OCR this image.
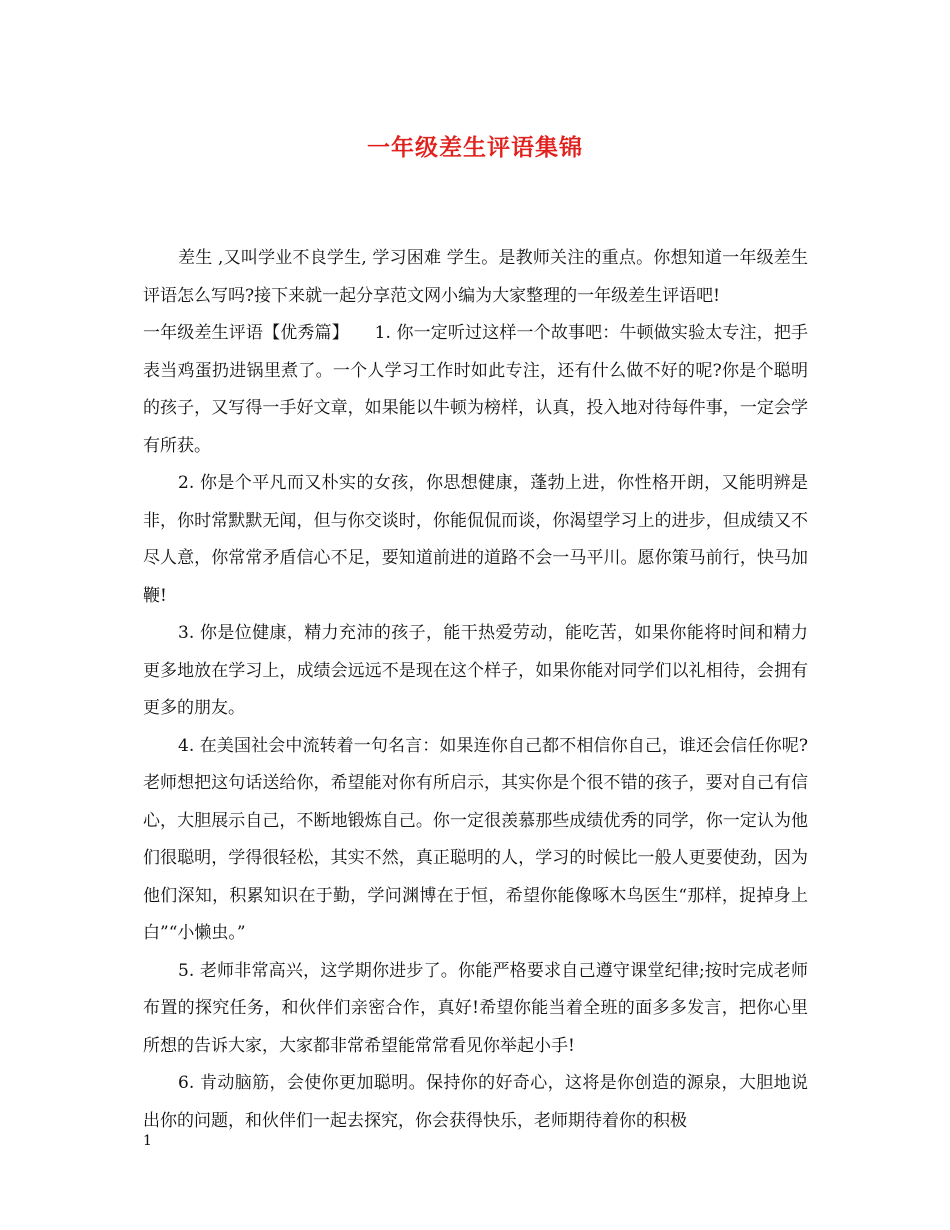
一年级差生评语集锦

差生 ,又叫学业不良学生, 学习困难 学生。是教师关注的重点。你想知道一年级差生评语怎么写吗?接下来就一起分享范文网小编为大家整理的一年级差生评语吧!

一年级差生评语【优秀篇】　　1. 你一定听过这样一个故事吧：牛顿做实验太专注，把手表当鸡蛋扔进锅里煮了。一个人学习工作时如此专注，还有什么做不好的呢?你是个聪明的孩子，又写得一手好文章，如果能以牛顿为榜样，认真，投入地对待每件事，一定会学有所获。

2. 你是个平凡而又朴实的女孩，你思想健康，蓬勃上进，你性格开朗，又能明辨是非，你时常默默无闻，但与你交谈时，你能侃侃而谈，你渴望学习上的进步，但成绩又不尽人意，你常常矛盾信心不足，要知道前进的道路不会一马平川。愿你策马前行，快马加鞭!

3. 你是位健康，精力充沛的孩子，能干热爱劳动，能吃苦，如果你能将时间和精力更多地放在学习上，成绩会远远不是现在这个样子，如果你能对同学们以礼相待，会拥有更多的朋友。

4. 在美国社会中流转着一句名言：如果连你自己都不相信你自己，谁还会信任你呢?老师想把这句话送给你，希望能对你有所启示，其实你是个很不错的孩子，要对自己有信心，大胆展示自己，不断地锻炼自己。你一定很羡慕那些成绩优秀的同学，你一定认为他们很聪明，学得很轻松，其实不然，真正聪明的人，学习的时候比一般人更要使劲，因为他们深知，积累知识在于勤，学问渊博在于恒，希望你能像啄木鸟医生“那样，捉掉身上白”“小懒虫。”

5. 老师非常高兴，这学期你进步了。你能严格要求自己遵守课堂纪律;按时完成老师布置的探究任务，和伙伴们亲密合作，真好!希望你能当着全班的面多多发言，把你心里所想的告诉大家，大家都非常希望能常常看见你举起小手!

6. 肯动脑筋，会使你更加聪明。保持你的好奇心，这将是你创造的源泉，大胆地说出你的问题，和伙伴们一起去探究，你会获得快乐，老师期待着你的积极

1
